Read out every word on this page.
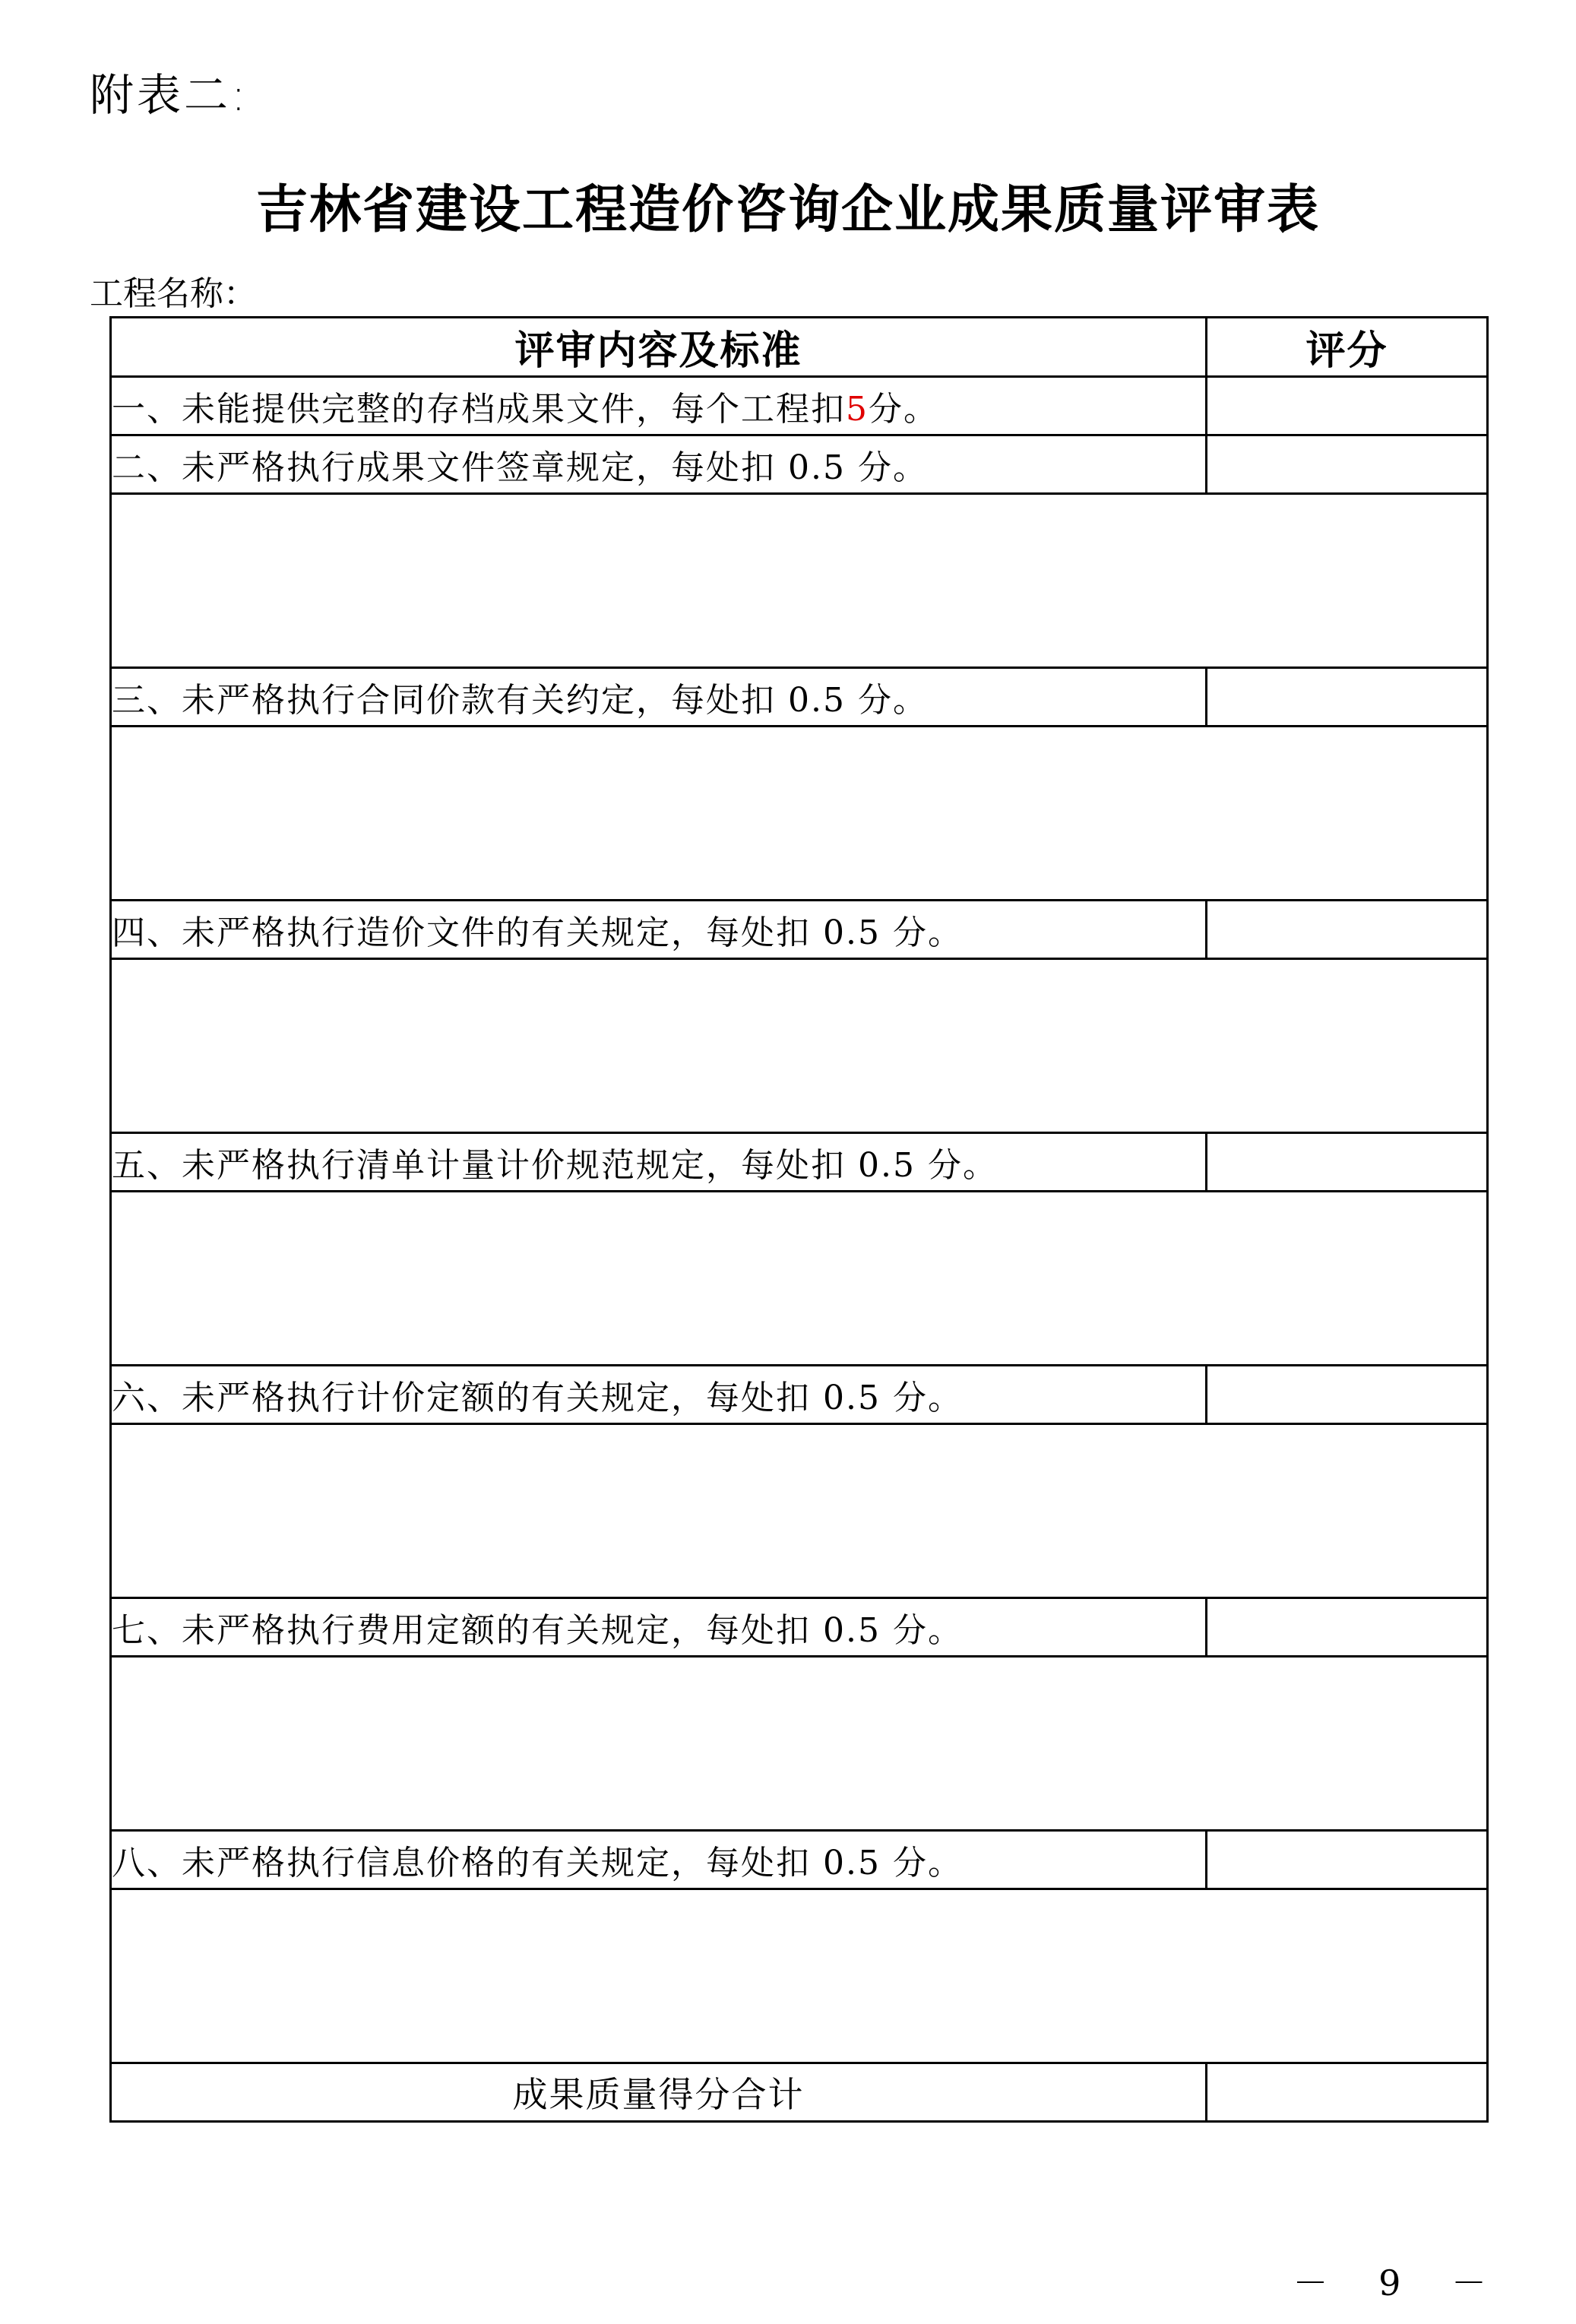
附表二:
吉林省建设工程造价咨询企业成果质量评审表
工程名称：
评审内容及标准	评分
一、未能提供完整的存档成果文件，每个工程扣5分。	
二、未严格执行成果文件签章规定，每处扣 0.5 分。	

三、未严格执行合同价款有关约定，每处扣 0.5 分。	

四、未严格执行造价文件的有关规定，每处扣 0.5 分。	

五、未严格执行清单计量计价规范规定，每处扣 0.5 分。	

六、未严格执行计价定额的有关规定，每处扣 0.5 分。	

七、未严格执行费用定额的有关规定，每处扣 0.5 分。	

八、未严格执行信息价格的有关规定，每处扣 0.5 分。	

成果质量得分合计	
－ 9 －
